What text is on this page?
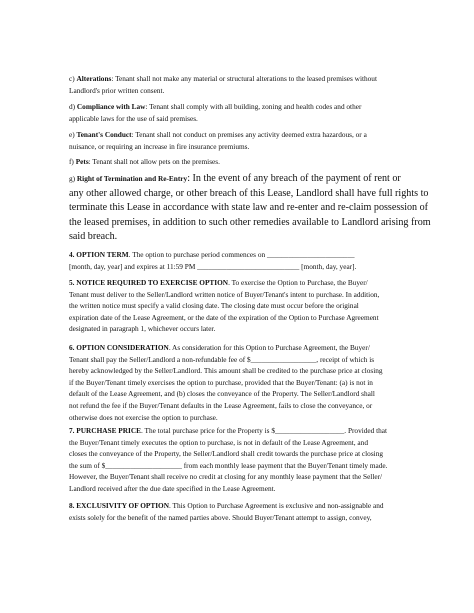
c) Alterations: Tenant shall not make any material or structural alterations to the leased premises without
Landlord's prior written consent.

d) Compliance with Law: Tenant shall comply with all building, zoning and health codes and other
applicable laws for the use of said premises.

e) Tenant's Conduct: Tenant shall not conduct on premises any activity deemed extra hazardous, or a
nuisance, or requiring an increase in fire insurance premiums.

f) Pets: Tenant shall not allow pets on the premises.

g) Right of Termination and Re-Entry: In the event of any breach of the payment of rent or
any other allowed charge, or other breach of this Lease, Landlord shall have full rights to
terminate this Lease in accordance with state law and re-enter and re-claim possession of
the leased premises, in addition to such other remedies available to Landlord arising from
said breach.

4. OPTION TERM. The option to purchase period commences on ________________________
[month, day, year] and expires at 11:59 PM ____________________________ [month, day, year].

5. NOTICE REQUIRED TO EXERCISE OPTION. To exercise the Option to Purchase, the Buyer/
Tenant must deliver to the Seller/Landlord written notice of Buyer/Tenant's intent to purchase. In addition,
the written notice must specify a valid closing date. The closing date must occur before the original
expiration date of the Lease Agreement, or the date of the expiration of the Option to Purchase Agreement
designated in paragraph 1, whichever occurs later.

6. OPTION CONSIDERATION. As consideration for this Option to Purchase Agreement, the Buyer/
Tenant shall pay the Seller/Landlord a non-refundable fee of $__________________, receipt of which is
hereby acknowledged by the Seller/Landlord. This amount shall be credited to the purchase price at closing
if the Buyer/Tenant timely exercises the option to purchase, provided that the Buyer/Tenant: (a) is not in
default of the Lease Agreement, and (b) closes the conveyance of the Property. The Seller/Landlord shall
not refund the fee if the Buyer/Tenant defaults in the Lease Agreement, fails to close the conveyance, or
otherwise does not exercise the option to purchase.

7. PURCHASE PRICE. The total purchase price for the Property is $___________________. Provided that
the Buyer/Tenant timely executes the option to purchase, is not in default of the Lease Agreement, and
closes the conveyance of the Property, the Seller/Landlord shall credit towards the purchase price at closing
the sum of $_____________________ from each monthly lease payment that the Buyer/Tenant timely made.
However, the Buyer/Tenant shall receive no credit at closing for any monthly lease payment that the Seller/
Landlord received after the due date specified in the Lease Agreement.

8. EXCLUSIVITY OF OPTION. This Option to Purchase Agreement is exclusive and non-assignable and
exists solely for the benefit of the named parties above. Should Buyer/Tenant attempt to assign, convey,
